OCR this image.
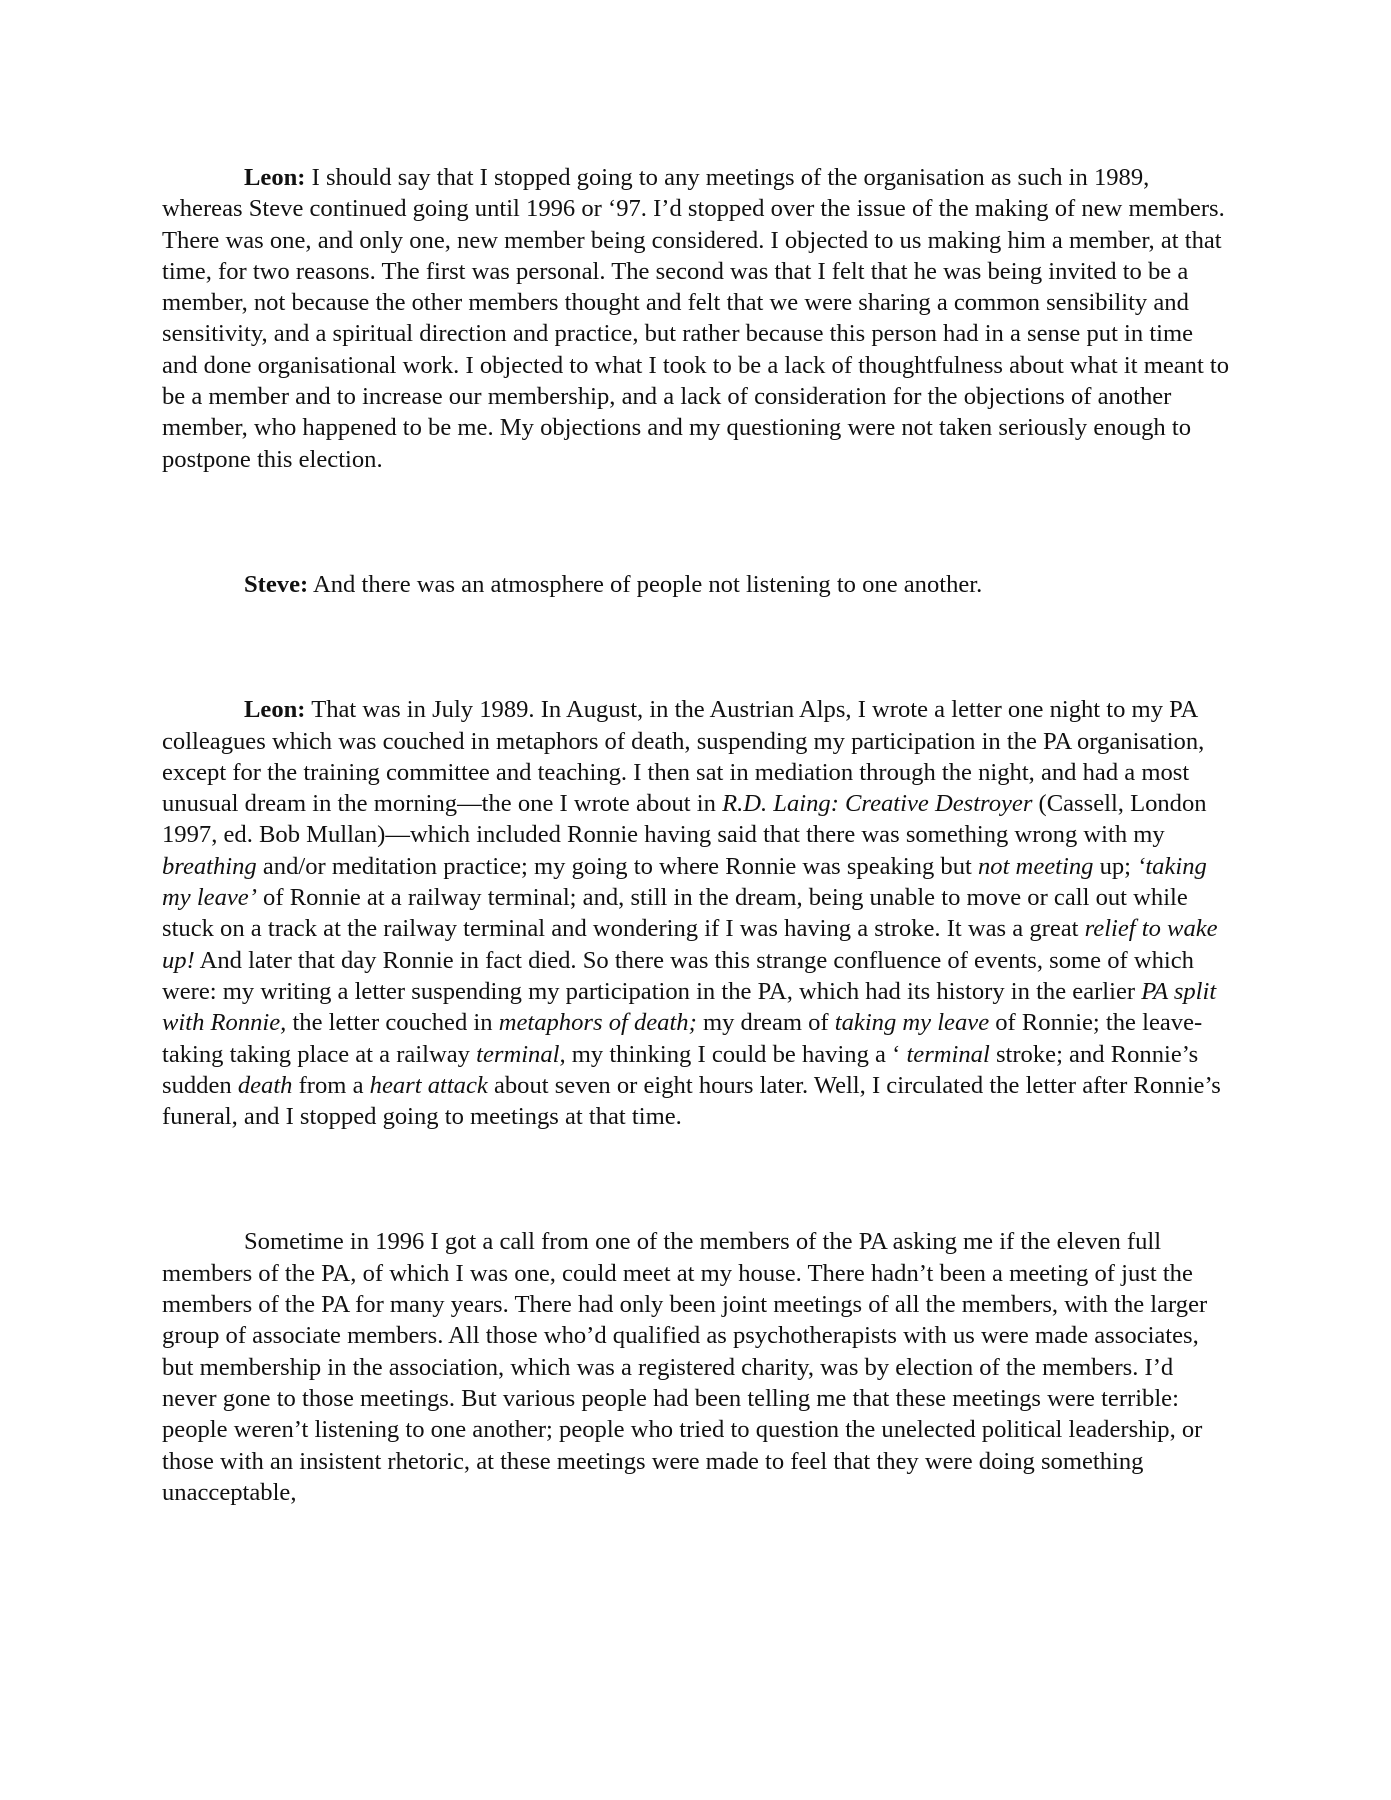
Leon: I should say that I stopped going to any meetings of the organisation as such in 1989, whereas Steve continued going until 1996 or ‘97. I’d stopped over the issue of the making of new members. There was one, and only one, new member being considered. I objected to us making him a member, at that time, for two reasons. The first was personal. The second was that I felt that he was being invited to be a member, not because the other members thought and felt that we were sharing a common sensibility and sensitivity, and a spiritual direction and practice, but rather because this person had in a sense put in time and done organisational work. I objected to what I took to be a lack of thoughtfulness about what it meant to be a member and to increase our membership, and a lack of consideration for the objections of another member, who happened to be me. My objections and my questioning were not taken seriously enough to postpone this election.

Steve: And there was an atmosphere of people not listening to one another.

Leon: That was in July 1989. In August, in the Austrian Alps, I wrote a letter one night to my PA colleagues which was couched in metaphors of death, suspending my participation in the PA organisation, except for the training committee and teaching. I then sat in mediation through the night, and had a most unusual dream in the morning—the one I wrote about in R.D. Laing: Creative Destroyer (Cassell, London 1997, ed. Bob Mullan)—which included Ronnie having said that there was something wrong with my breathing and/or meditation practice; my going to where Ronnie was speaking but not meeting up; ‘taking my leave’ of Ronnie at a railway terminal; and, still in the dream, being unable to move or call out while stuck on a track at the railway terminal and wondering if I was having a stroke. It was a great relief to wake up! And later that day Ronnie in fact died. So there was this strange confluence of events, some of which were: my writing a letter suspending my participation in the PA, which had its history in the earlier PA split with Ronnie, the letter couched in metaphors of death; my dream of taking my leave of Ronnie; the leave-taking taking place at a railway terminal, my thinking I could be having a ‘ terminal stroke; and Ronnie’s sudden death from a heart attack about seven or eight hours later. Well, I circulated the letter after Ronnie’s funeral, and I stopped going to meetings at that time.

Sometime in 1996 I got a call from one of the members of the PA asking me if the eleven full members of the PA, of which I was one, could meet at my house. There hadn’t been a meeting of just the members of the PA for many years. There had only been joint meetings of all the members, with the larger group of associate members. All those who’d qualified as psychotherapists with us were made associates, but membership in the association, which was a registered charity, was by election of the members. I’d never gone to those meetings. But various people had been telling me that these meetings were terrible: people weren’t listening to one another; people who tried to question the unelected political leadership, or those with an insistent rhetoric, at these meetings were made to feel that they were doing something unacceptable,
